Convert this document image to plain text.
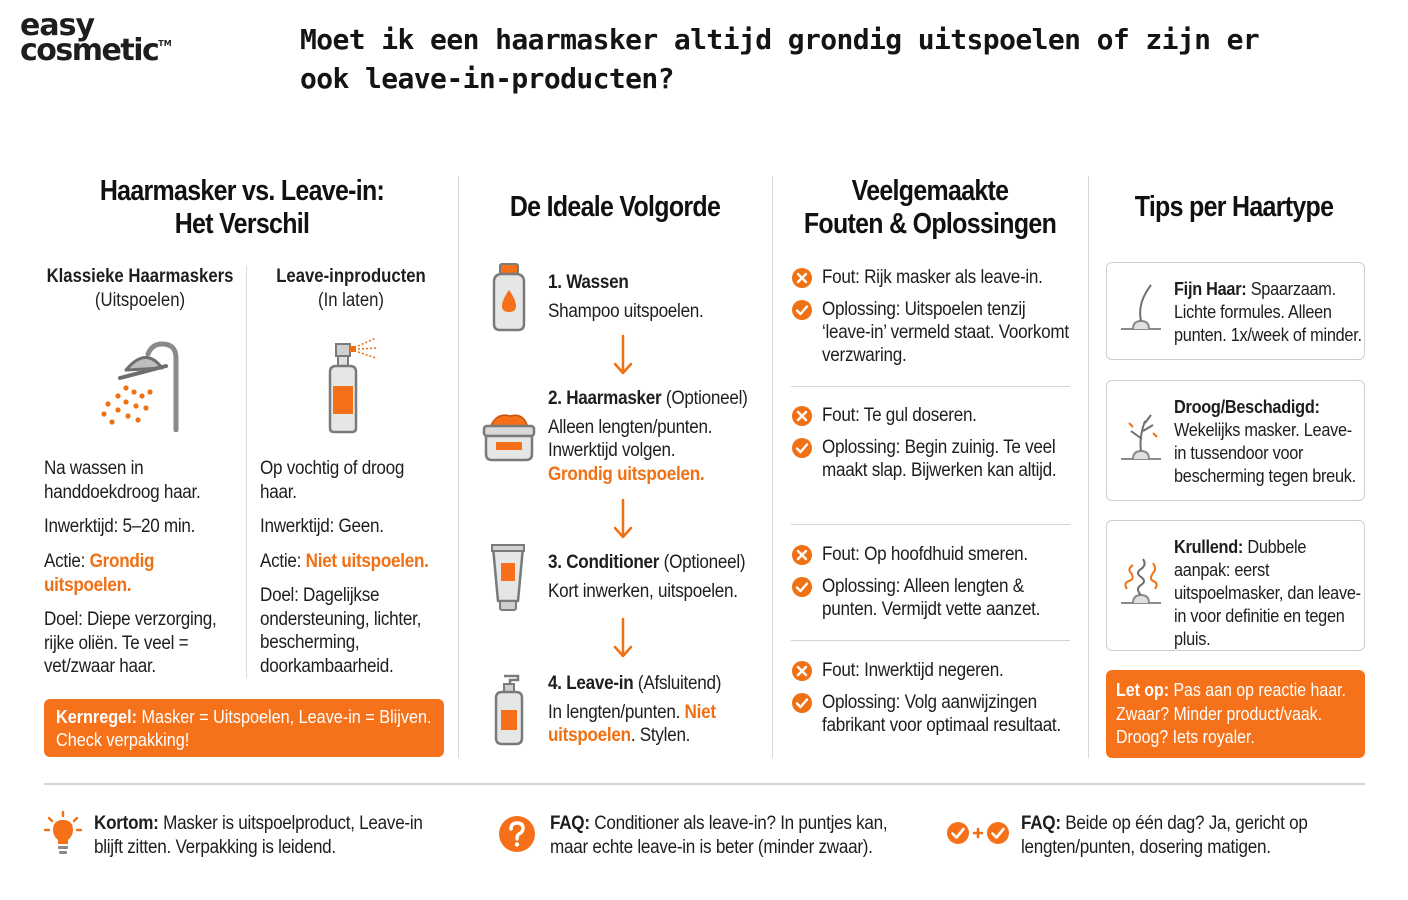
easy
cosmetic™	Moet ik een haarmasker altijd grondig uitspoelen of zijn er ook leave-in-producten?
Haarmasker vs. Leave-in:
Het Verschil
Klassieke Haarmaskers
(Uitspoelen)
Leave-inproducten
(In laten)
Na wassen in handdoekdroog haar.
Inwerktijd: 5–20 min.
Actie: Grondig uitspoelen.
Doel: Diepe verzorging, rijke oliën. Te veel = vet/zwaar haar.
Op vochtig of droog haar.
Inwerktijd: Geen.
Actie: Niet uitspoelen.
Doel: Dagelijkse ondersteuning, lichter, bescherming, doorkambaarheid.
Kernregel: Masker = Uitspoelen, Leave-in = Blijven. Check verpakking!
De Ideale Volgorde
1. Wassen
Shampoo uitspoelen.
2. Haarmasker (Optioneel)
Alleen lengten/punten.
Inwerktijd volgen.
Grondig uitspoelen.
3. Conditioner (Optioneel)
Kort inwerken, uitspoelen.
4. Leave-in (Afsluitend)
In lengten/punten. Niet uitspoelen. Stylen.
Veelgemaakte
Fouten & Oplossingen
Fout: Rijk masker als leave-in.
Oplossing: Uitspoelen tenzij ‘leave-in’ vermeld staat. Voorkomt verzwaring.
Fout: Te gul doseren.
Oplossing: Begin zuinig. Te veel maakt slap. Bijwerken kan altijd.
Fout: Op hoofdhuid smeren.
Oplossing: Alleen lengten & punten. Vermijdt vette aanzet.
Fout: Inwerktijd negeren.
Oplossing: Volg aanwijzingen fabrikant voor optimaal resultaat.
Tips per Haartype
Fijn Haar: Spaarzaam. Lichte formules. Alleen punten. 1x/week of minder.
Droog/Beschadigd:
Wekelijks masker. Leave-in tussendoor voor bescherming tegen breuk.
Krullend: Dubbele aanpak: eerst uitspoelmasker, dan leave-in voor definitie en tegen pluis.
Let op: Pas aan op reactie haar. Zwaar? Minder product/vaak. Droog? Iets royaler.
Kortom: Masker is uitspoelproduct, Leave-in blijft zitten. Verpakking is leidend.
FAQ: Conditioner als leave-in? In puntjes kan, maar echte leave-in is beter (minder zwaar).
FAQ: Beide op één dag? Ja, gericht op lengten/punten, dosering matigen.
